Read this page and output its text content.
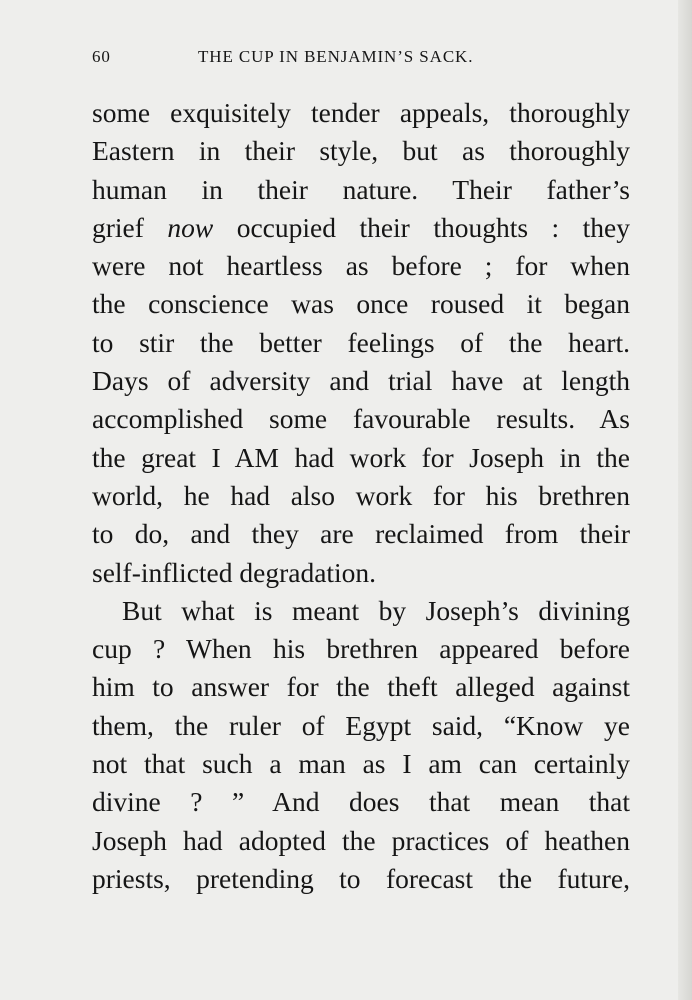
60	THE CUP IN BENJAMIN’S SACK.
some exquisitely tender appeals, thoroughly
Eastern in their style, but as thoroughly
human in their nature. Their father’s
grief now occupied their thoughts : they
were not heartless as before ; for when
the conscience was once roused it began
to stir the better feelings of the heart.
Days of adversity and trial have at length
accomplished some favourable results. As
the great I AM had work for Joseph in the
world, he had also work for his brethren
to do, and they are reclaimed from their
self-inflicted degradation.
But what is meant by Joseph’s divining
cup ? When his brethren appeared before
him to answer for the theft alleged against
them, the ruler of Egypt said, “Know ye
not that such a man as I am can certainly
divine ? ” And does that mean that
Joseph had adopted the practices of heathen
priests, pretending to forecast the future,
